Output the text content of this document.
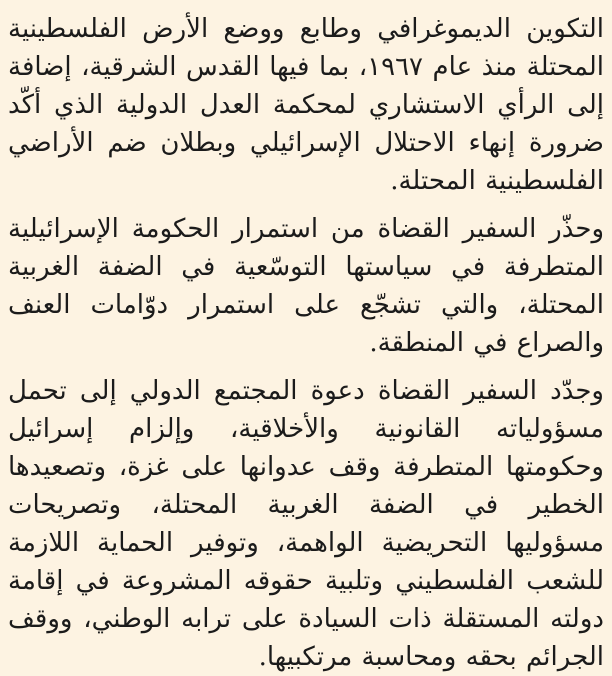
التكوين الديموغرافي وطابع ووضع الأرض الفلسطينية المحتلة منذ عام ١٩٦٧، بما فيها القدس الشرقية، إضافة إلى الرأي الاستشاري لمحكمة العدل الدولية الذي أكّد ضرورة إنهاء الاحتلال الإسرائيلي وبطلان ضم الأراضي الفلسطينية المحتلة.

وحذّر السفير القضاة من استمرار الحكومة الإسرائيلية المتطرفة في سياستها التوسّعية في الضفة الغربية المحتلة، والتي تشجّع على استمرار دوّامات العنف والصراع في المنطقة.

وجدّد السفير القضاة دعوة المجتمع الدولي إلى تحمل مسؤولياته القانونية والأخلاقية، وإلزام إسرائيل وحكومتها المتطرفة وقف عدوانها على غزة، وتصعيدها الخطير في الضفة الغربية المحتلة، وتصريحات مسؤوليها التحريضية الواهمة، وتوفير الحماية اللازمة للشعب الفلسطيني وتلبية حقوقه المشروعة في إقامة دولته المستقلة ذات السيادة على ترابه الوطني، ووقف الجرائم بحقه ومحاسبة مرتكبيها.
